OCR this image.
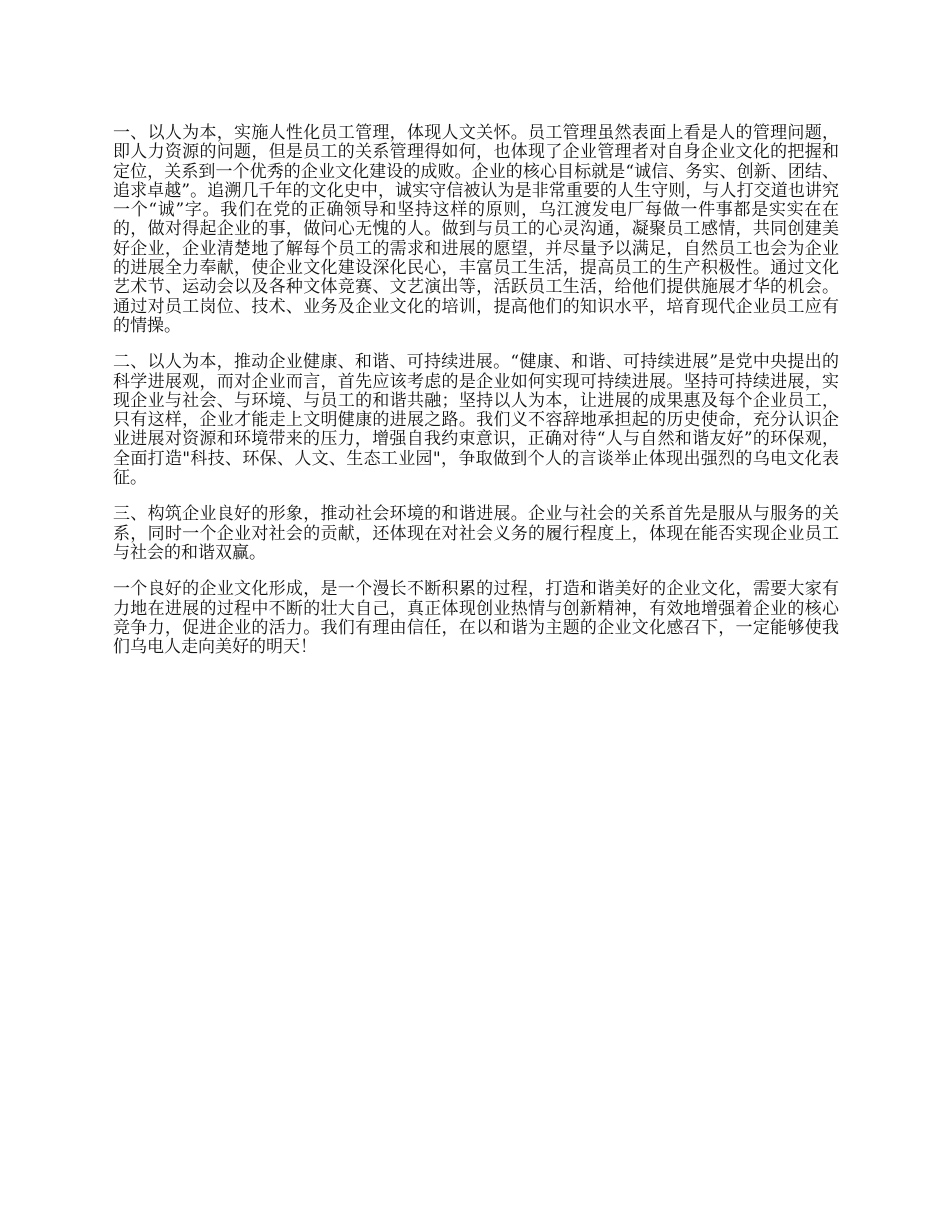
一、以人为本，实施人性化员工管理，体现人文关怀。员工管理虽然表面上看是人的管理问题，即人力资源的问题，但是员工的关系管理得如何，也体现了企业管理者对自身企业文化的把握和定位，关系到一个优秀的企业文化建设的成败。企业的核心目标就是“诚信、务实、创新、团结、追求卓越”。追溯几千年的文化史中，诚实守信被认为是非常重要的人生守则，与人打交道也讲究一个“诚”字。我们在党的正确领导和坚持这样的原则，乌江渡发电厂每做一件事都是实实在在的，做对得起企业的事，做问心无愧的人。做到与员工的心灵沟通，凝聚员工感情，共同创建美好企业，企业清楚地了解每个员工的需求和进展的愿望，并尽量予以满足，自然员工也会为企业的进展全力奉献，使企业文化建设深化民心，丰富员工生活，提高员工的生产积极性。通过文化艺术节、运动会以及各种文体竞赛、文艺演出等，活跃员工生活，给他们提供施展才华的机会。通过对员工岗位、技术、业务及企业文化的培训，提高他们的知识水平，培育现代企业员工应有的情操。

二、以人为本，推动企业健康、和谐、可持续进展。“健康、和谐、可持续进展”是党中央提出的科学进展观，而对企业而言，首先应该考虑的是企业如何实现可持续进展。坚持可持续进展，实现企业与社会、与环境、与员工的和谐共融；坚持以人为本，让进展的成果惠及每个企业员工，只有这样，企业才能走上文明健康的进展之路。我们义不容辞地承担起的历史使命，充分认识企业进展对资源和环境带来的压力，增强自我约束意识，正确对待“人与自然和谐友好”的环保观，全面打造"科技、环保、人文、生态工业园"，争取做到个人的言谈举止体现出强烈的乌电文化表征。

三、构筑企业良好的形象，推动社会环境的和谐进展。企业与社会的关系首先是服从与服务的关系，同时一个企业对社会的贡献，还体现在对社会义务的履行程度上，体现在能否实现企业员工与社会的和谐双赢。

一个良好的企业文化形成，是一个漫长不断积累的过程，打造和谐美好的企业文化，需要大家有力地在进展的过程中不断的壮大自己，真正体现创业热情与创新精神，有效地增强着企业的核心竞争力，促进企业的活力。我们有理由信任，在以和谐为主题的企业文化感召下，一定能够使我们乌电人走向美好的明天！
